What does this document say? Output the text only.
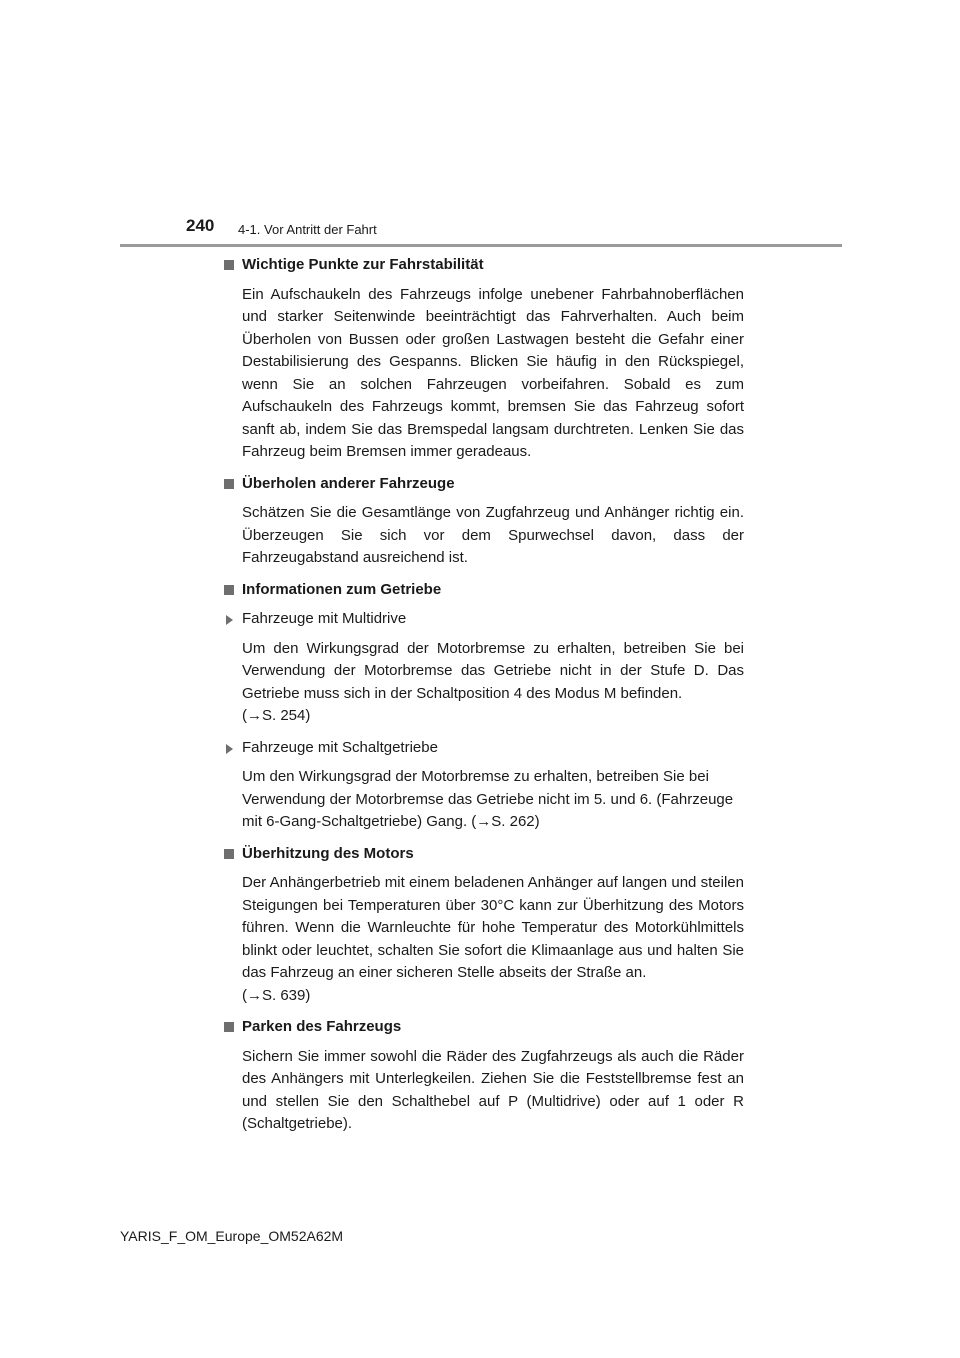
240 4-1. Vor Antritt der Fahrt
Wichtige Punkte zur Fahrstabilität

Ein Aufschaukeln des Fahrzeugs infolge unebener Fahrbahnoberflächen und starker Seitenwinde beeinträchtigt das Fahrverhalten. Auch beim Überholen von Bussen oder großen Lastwagen besteht die Gefahr einer Destabilisierung des Gespanns. Blicken Sie häufig in den Rückspiegel, wenn Sie an solchen Fahrzeugen vorbeifahren. Sobald es zum Aufschaukeln des Fahrzeugs kommt, bremsen Sie das Fahrzeug sofort sanft ab, indem Sie das Bremspedal langsam durchtreten. Lenken Sie das Fahrzeug beim Bremsen immer geradeaus.

Überholen anderer Fahrzeuge

Schätzen Sie die Gesamtlänge von Zugfahrzeug und Anhänger richtig ein. Überzeugen Sie sich vor dem Spurwechsel davon, dass der Fahrzeugabstand ausreichend ist.

Informationen zum Getriebe
Fahrzeuge mit Multidrive

Um den Wirkungsgrad der Motorbremse zu erhalten, betreiben Sie bei Verwendung der Motorbremse das Getriebe nicht in der Stufe D. Das Getriebe muss sich in der Schaltposition 4 des Modus M befinden.
(→S. 254)

Fahrzeuge mit Schaltgetriebe

Um den Wirkungsgrad der Motorbremse zu erhalten, betreiben Sie bei Verwendung der Motorbremse das Getriebe nicht im 5. und 6. (Fahrzeuge mit 6-Gang-Schaltgetriebe) Gang. (→S. 262)

Überhitzung des Motors

Der Anhängerbetrieb mit einem beladenen Anhänger auf langen und steilen Steigungen bei Temperaturen über 30°C kann zur Überhitzung des Motors führen. Wenn die Warnleuchte für hohe Temperatur des Motorkühlmittels blinkt oder leuchtet, schalten Sie sofort die Klimaanlage aus und halten Sie das Fahrzeug an einer sicheren Stelle abseits der Straße an.
(→S. 639)

Parken des Fahrzeugs

Sichern Sie immer sowohl die Räder des Zugfahrzeugs als auch die Räder des Anhängers mit Unterlegkeilen. Ziehen Sie die Feststellbremse fest an und stellen Sie den Schalthebel auf P (Multidrive) oder auf 1 oder R (Schaltgetriebe).

YARIS_F_OM_Europe_OM52A62M
